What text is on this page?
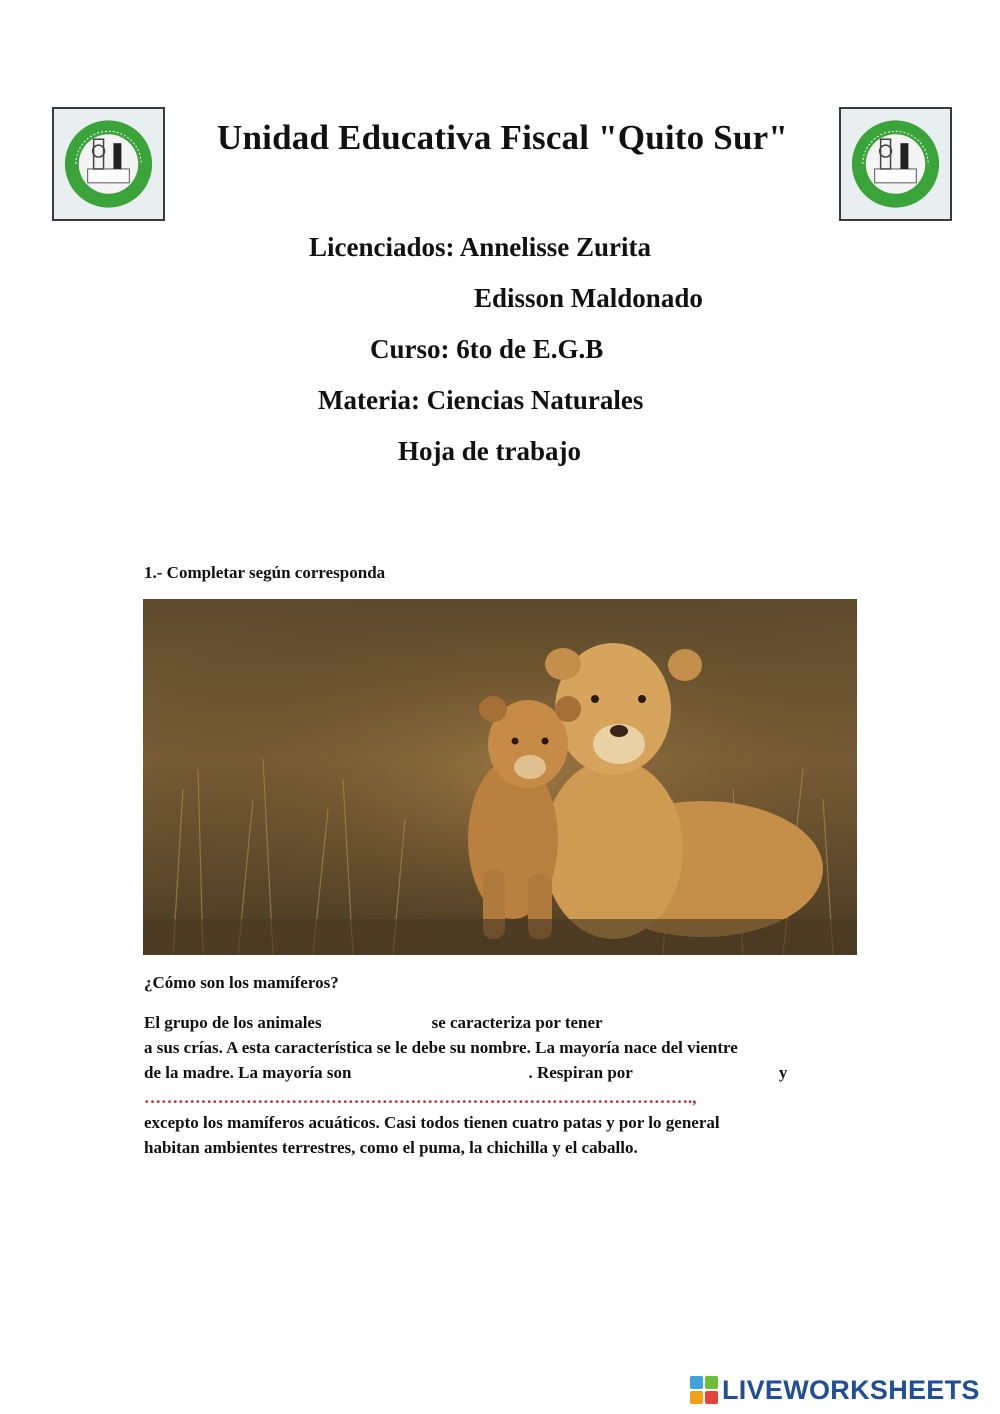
Unidad Educativa Fiscal "Quito Sur"
Licenciados: Annelisse Zurita
Edisson Maldonado
Curso: 6to de E.G.B
Materia: Ciencias Naturales
Hoja de trabajo
1.- Completar según corresponda
¿Cómo son los mamíferos?
El grupo de los animales	se caracteriza por tener
a sus crías. A esta característica se le debe su nombre. La mayoría nace del vientre
de la madre. La mayoría son	. Respiran por	y
…………………………………………………………………………………….,
excepto los mamíferos acuáticos. Casi todos tienen cuatro patas y por lo general
habitan ambientes terrestres, como el puma, la chichilla y el caballo.
LIVEWORKSHEETS
